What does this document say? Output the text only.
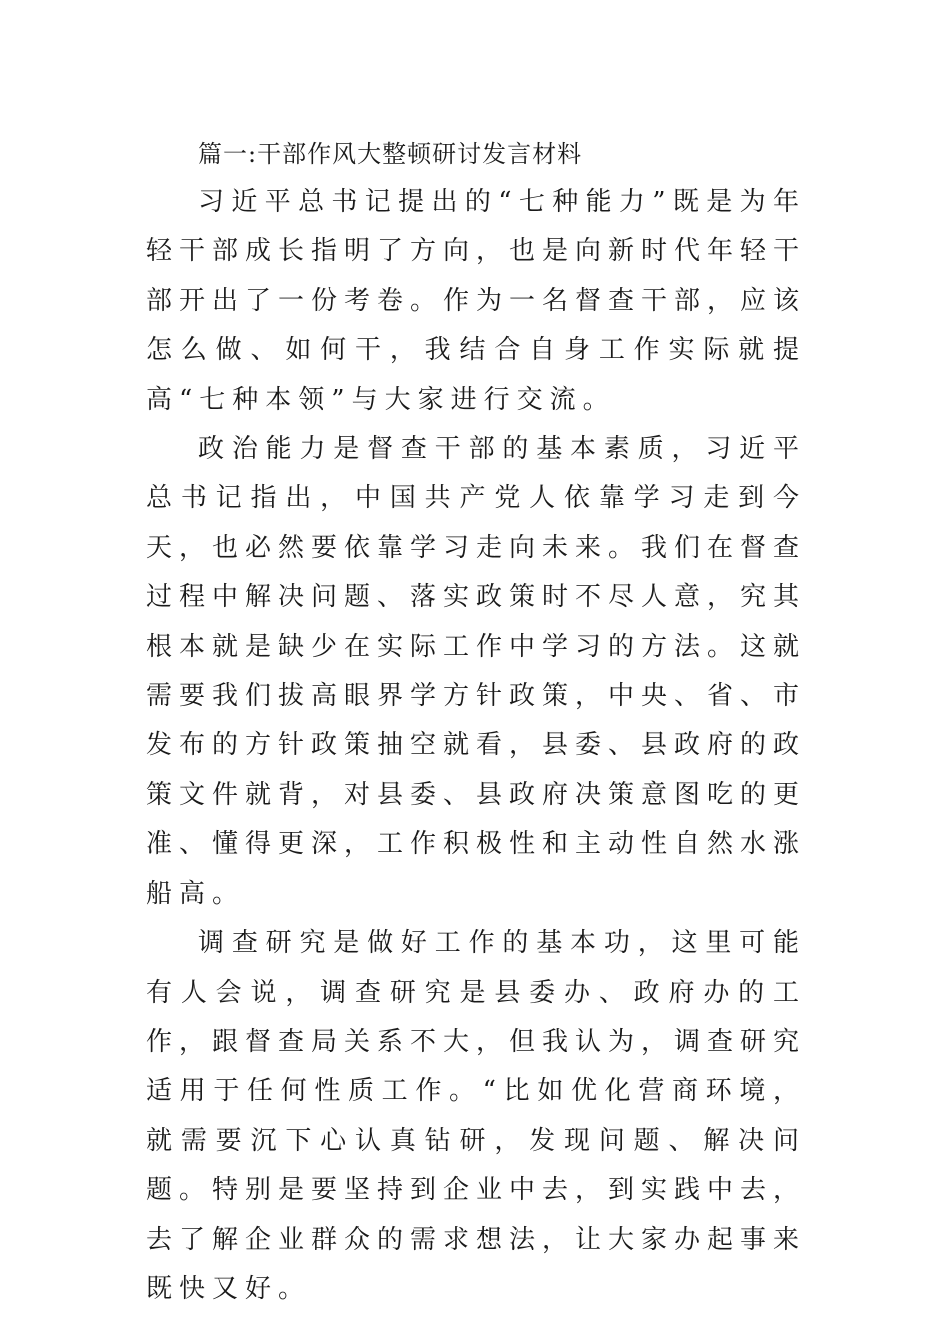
篇一:干部作风大整顿研讨发言材料

习近平总书记提出的“七种能力”既是为年轻干部成长指明了方向，也是向新时代年轻干部开出了一份考卷。作为一名督查干部，应该怎么做、如何干，我结合自身工作实际就提高“七种本领”与大家进行交流。

政治能力是督查干部的基本素质，习近平总书记指出，中国共产党人依靠学习走到今天，也必然要依靠学习走向未来。我们在督查过程中解决问题、落实政策时不尽人意，究其根本就是缺少在实际工作中学习的方法。这就需要我们拔高眼界学方针政策，中央、省、市发布的方针政策抽空就看，县委、县政府的政策文件就背，对县委、县政府决策意图吃的更准、懂得更深，工作积极性和主动性自然水涨船高。

调查研究是做好工作的基本功，这里可能有人会说，调查研究是县委办、政府办的工作，跟督查局关系不大，但我认为，调查研究适用于任何性质工作。“比如优化营商环境，就需要沉下心认真钻研，发现问题、解决问题。特别是要坚持到企业中去，到实践中去，去了解企业群众的需求想法，让大家办起事来既快又好。
